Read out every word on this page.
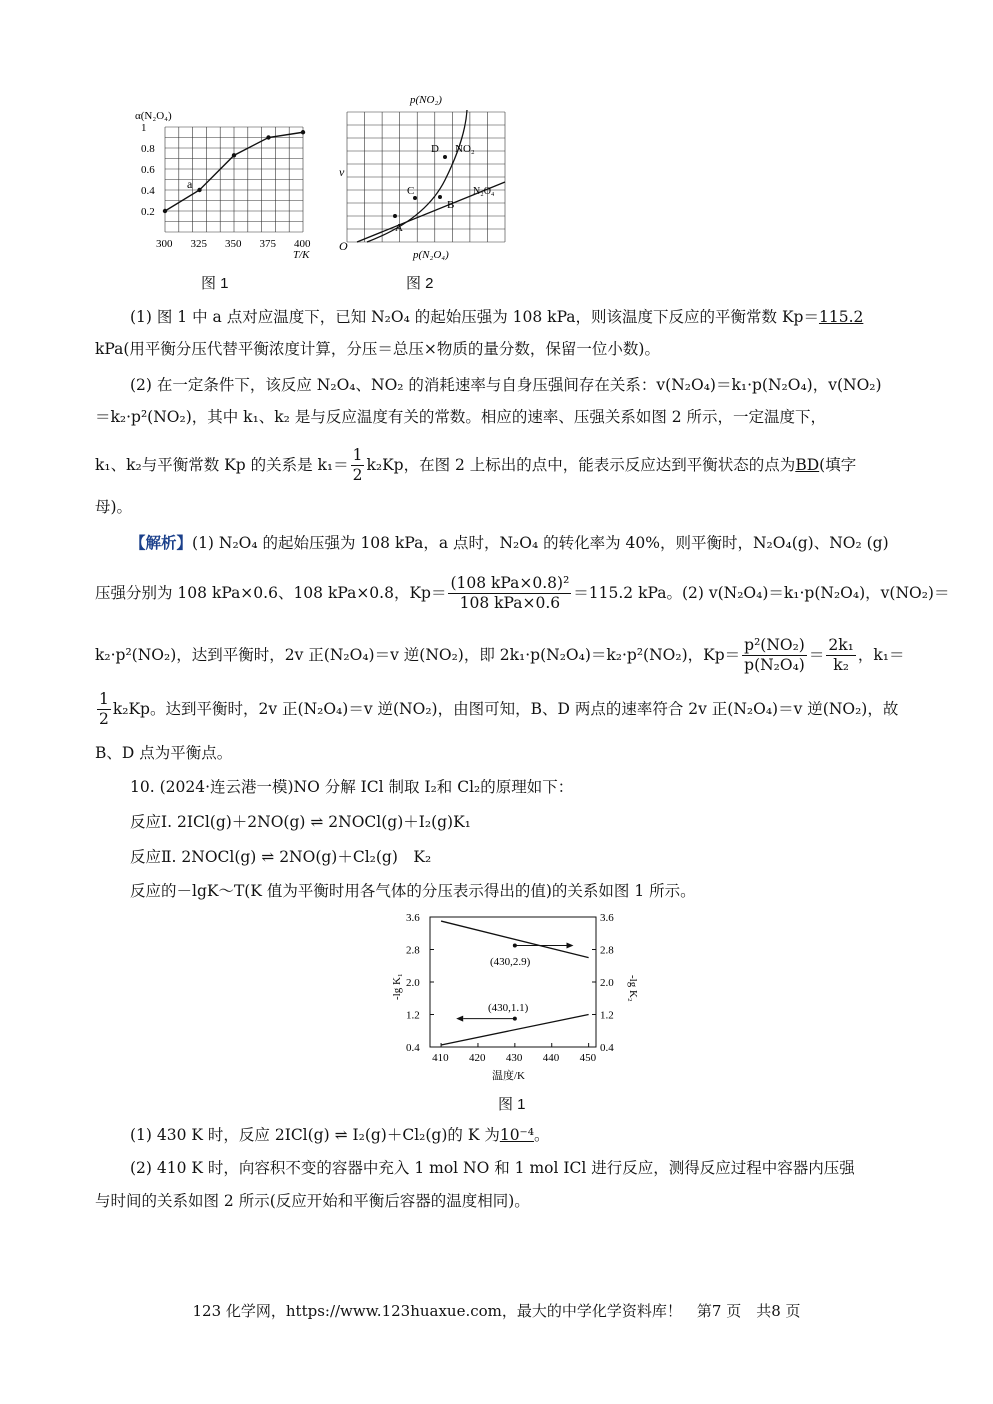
300 325 350 375 400
0.2
0.4
0.6
0.8
1
α(N₂O₄)
T/K
a
图 1
p(NO₂)
v
O
p(N₂O₄)
A
B
C
D NO₂
N₂O₄
图 2
(1) 图 1 中 a 点对应温度下，已知 N₂O₄ 的起始压强为 108 kPa，则该温度下反应的平衡常数 Kp＝115.2
kPa(用平衡分压代替平衡浓度计算，分压＝总压×物质的量分数，保留一位小数)。
(2) 在一定条件下，该反应 N₂O₄、NO₂ 的消耗速率与自身压强间存在关系：v(N₂O₄)＝k₁·p(N₂O₄)，v(NO₂)
＝k₂·p²(NO₂)，其中 k₁、k₂ 是与反应温度有关的常数。相应的速率、压强关系如图 2 所示，一定温度下，
k₁、k₂与平衡常数 Kp 的关系是 $k_1= \frac{1}{2} k_2Kp$，在图 2 上标出的点中，能表示反应达到平衡状态的点为BD(填字
母)。
【解析】(1) N₂O₄ 的起始压强为 108 kPa，a 点时，N₂O₄ 的转化率为 40%，则平衡时，N₂O₄(g)、NO₂ (g)
压强分别为 108 kPa×0.6、108 kPa×0.8，$Kp= \frac{\text{(108 kPa×0.8)²}}{\text{108 kPa×0.6}} =115.2$ kPa。(2) v(N₂O₄)＝k₁·p(N₂O₄)，v(NO₂)＝
k₂·p²(NO₂)，达到平衡时，2v 正(N₂O₄)＝v 逆(NO₂)，即 2k₁·p(N₂O₄)＝k₂·p²(NO₂)，$Kp= \frac{\text{p²(NO₂)}}{\text{p(N₂O₄)}} = \frac{\text{2k₁}}{\text{k₂}}$ ，k₁＝
$\frac{1}{2} k_2Kp$。达到平衡时，2v 正(N₂O₄)＝v 逆(NO₂)，由图可知，B、D 两点的速率符合 2v 正(N₂O₄)＝v 逆(NO₂)，故
B、D 点为平衡点。
10. (2024·连云港一模)NO 分解 ICl 制取 I₂和 Cl₂的原理如下：
反应Ⅰ. 2ICl(g)＋2NO(g) ⇌ 2NOCl(g)＋I₂(g)K₁
反应Ⅱ. 2NOCl(g) ⇌ 2NO(g)＋Cl₂(g)　K₂
反应的－lgK～T(K 值为平衡时用各气体的分压表示得出的值)的关系如图 1 所示。
0.4	0.4
1.2	1.2
2.0	2.0
2.8	2.8
3.6	3.6
410 420 430 440 450
-lg K₁	-lg K₂
温度/K
(430,2.9)
(430,1.1)
图 1
(1) 430 K 时，反应 2ICl(g) ⇌ I₂(g)＋Cl₂(g)的 K 为10⁻⁴。
(2) 410 K 时，向容积不变的容器中充入 1 mol NO 和 1 mol ICl 进行反应，测得反应过程中容器内压强
与时间的关系如图 2 所示(反应开始和平衡后容器的温度相同)。
123 化学网，https://www.123huaxue.com，最大的中学化学资料库！　第7 页　共8 页
